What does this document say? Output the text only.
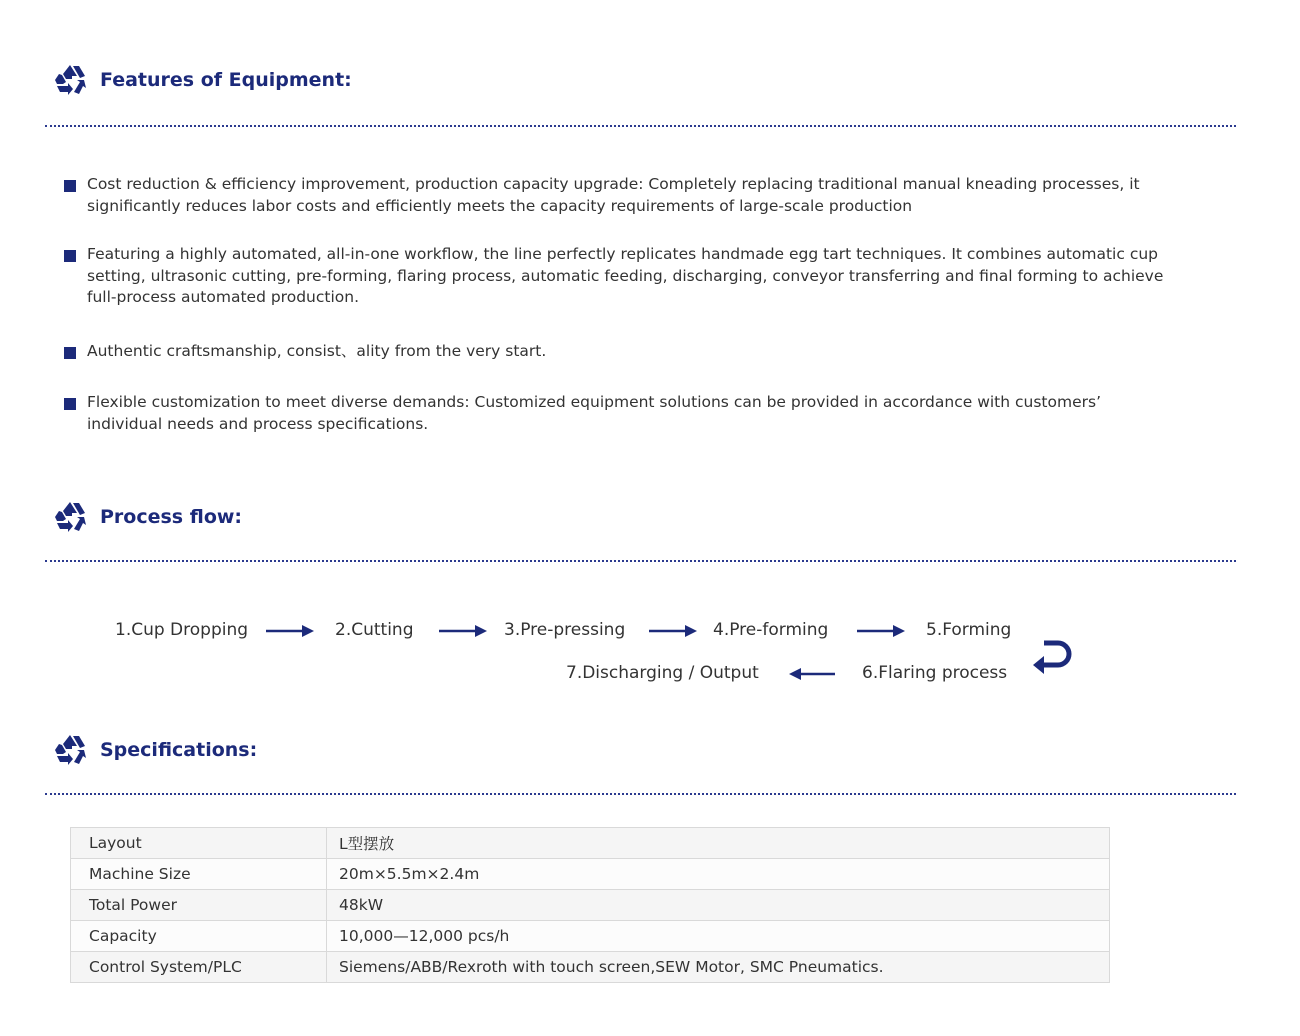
Features of Equipment:
Cost reduction & efficiency improvement, production capacity upgrade: Completely replacing traditional manual kneading processes, it significantly reduces labor costs and efficiently meets the capacity requirements of large-scale production
Featuring a highly automated, all-in-one workflow, the line perfectly replicates handmade egg tart techniques. It combines automatic cup setting, ultrasonic cutting, pre-forming, flaring process, automatic feeding, discharging, conveyor transferring and final forming to achieve full-process automated production.
Authentic craftsmanship, consist、ality from the very start.
Flexible customization to meet diverse demands: Customized equipment solutions can be provided in accordance with customers’ individual needs and process specifications.
Process flow:
1.Cup Dropping	2.Cutting	3.Pre-pressing	4.Pre-forming	5.Forming
6.Flaring process
7.Discharging / Output
Specifications:
Layout	L型摆放
Machine Size	20m×5.5m×2.4m
Total Power	48kW
Capacity	10,000—12,000 pcs/h
Control System/PLC	Siemens/ABB/Rexroth with touch screen,SEW Motor, SMC Pneumatics.
